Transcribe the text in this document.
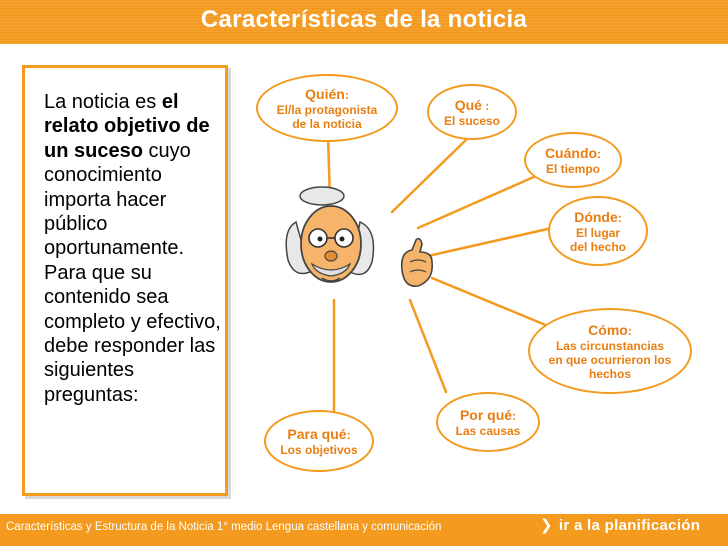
Características de la noticia
La noticia es el relato objetivo de un suceso cuyo conocimiento importa hacer público oportunamente. Para que su contenido sea completo y efectivo, debe responder las siguientes preguntas:
Quién:
El/la protagonista
de la noticia
Qué :
El suceso
Cuándo:
El tiempo
Dónde:
El lugar
del hecho
Cómo:
Las circunstancias
en que ocurrieron los
hechos
Por qué:
Las causas
Para qué:
Los objetivos
Características y Estructura de la Noticia 1° medio Lengua castellana y comunicación	❯ ir a la planificación
